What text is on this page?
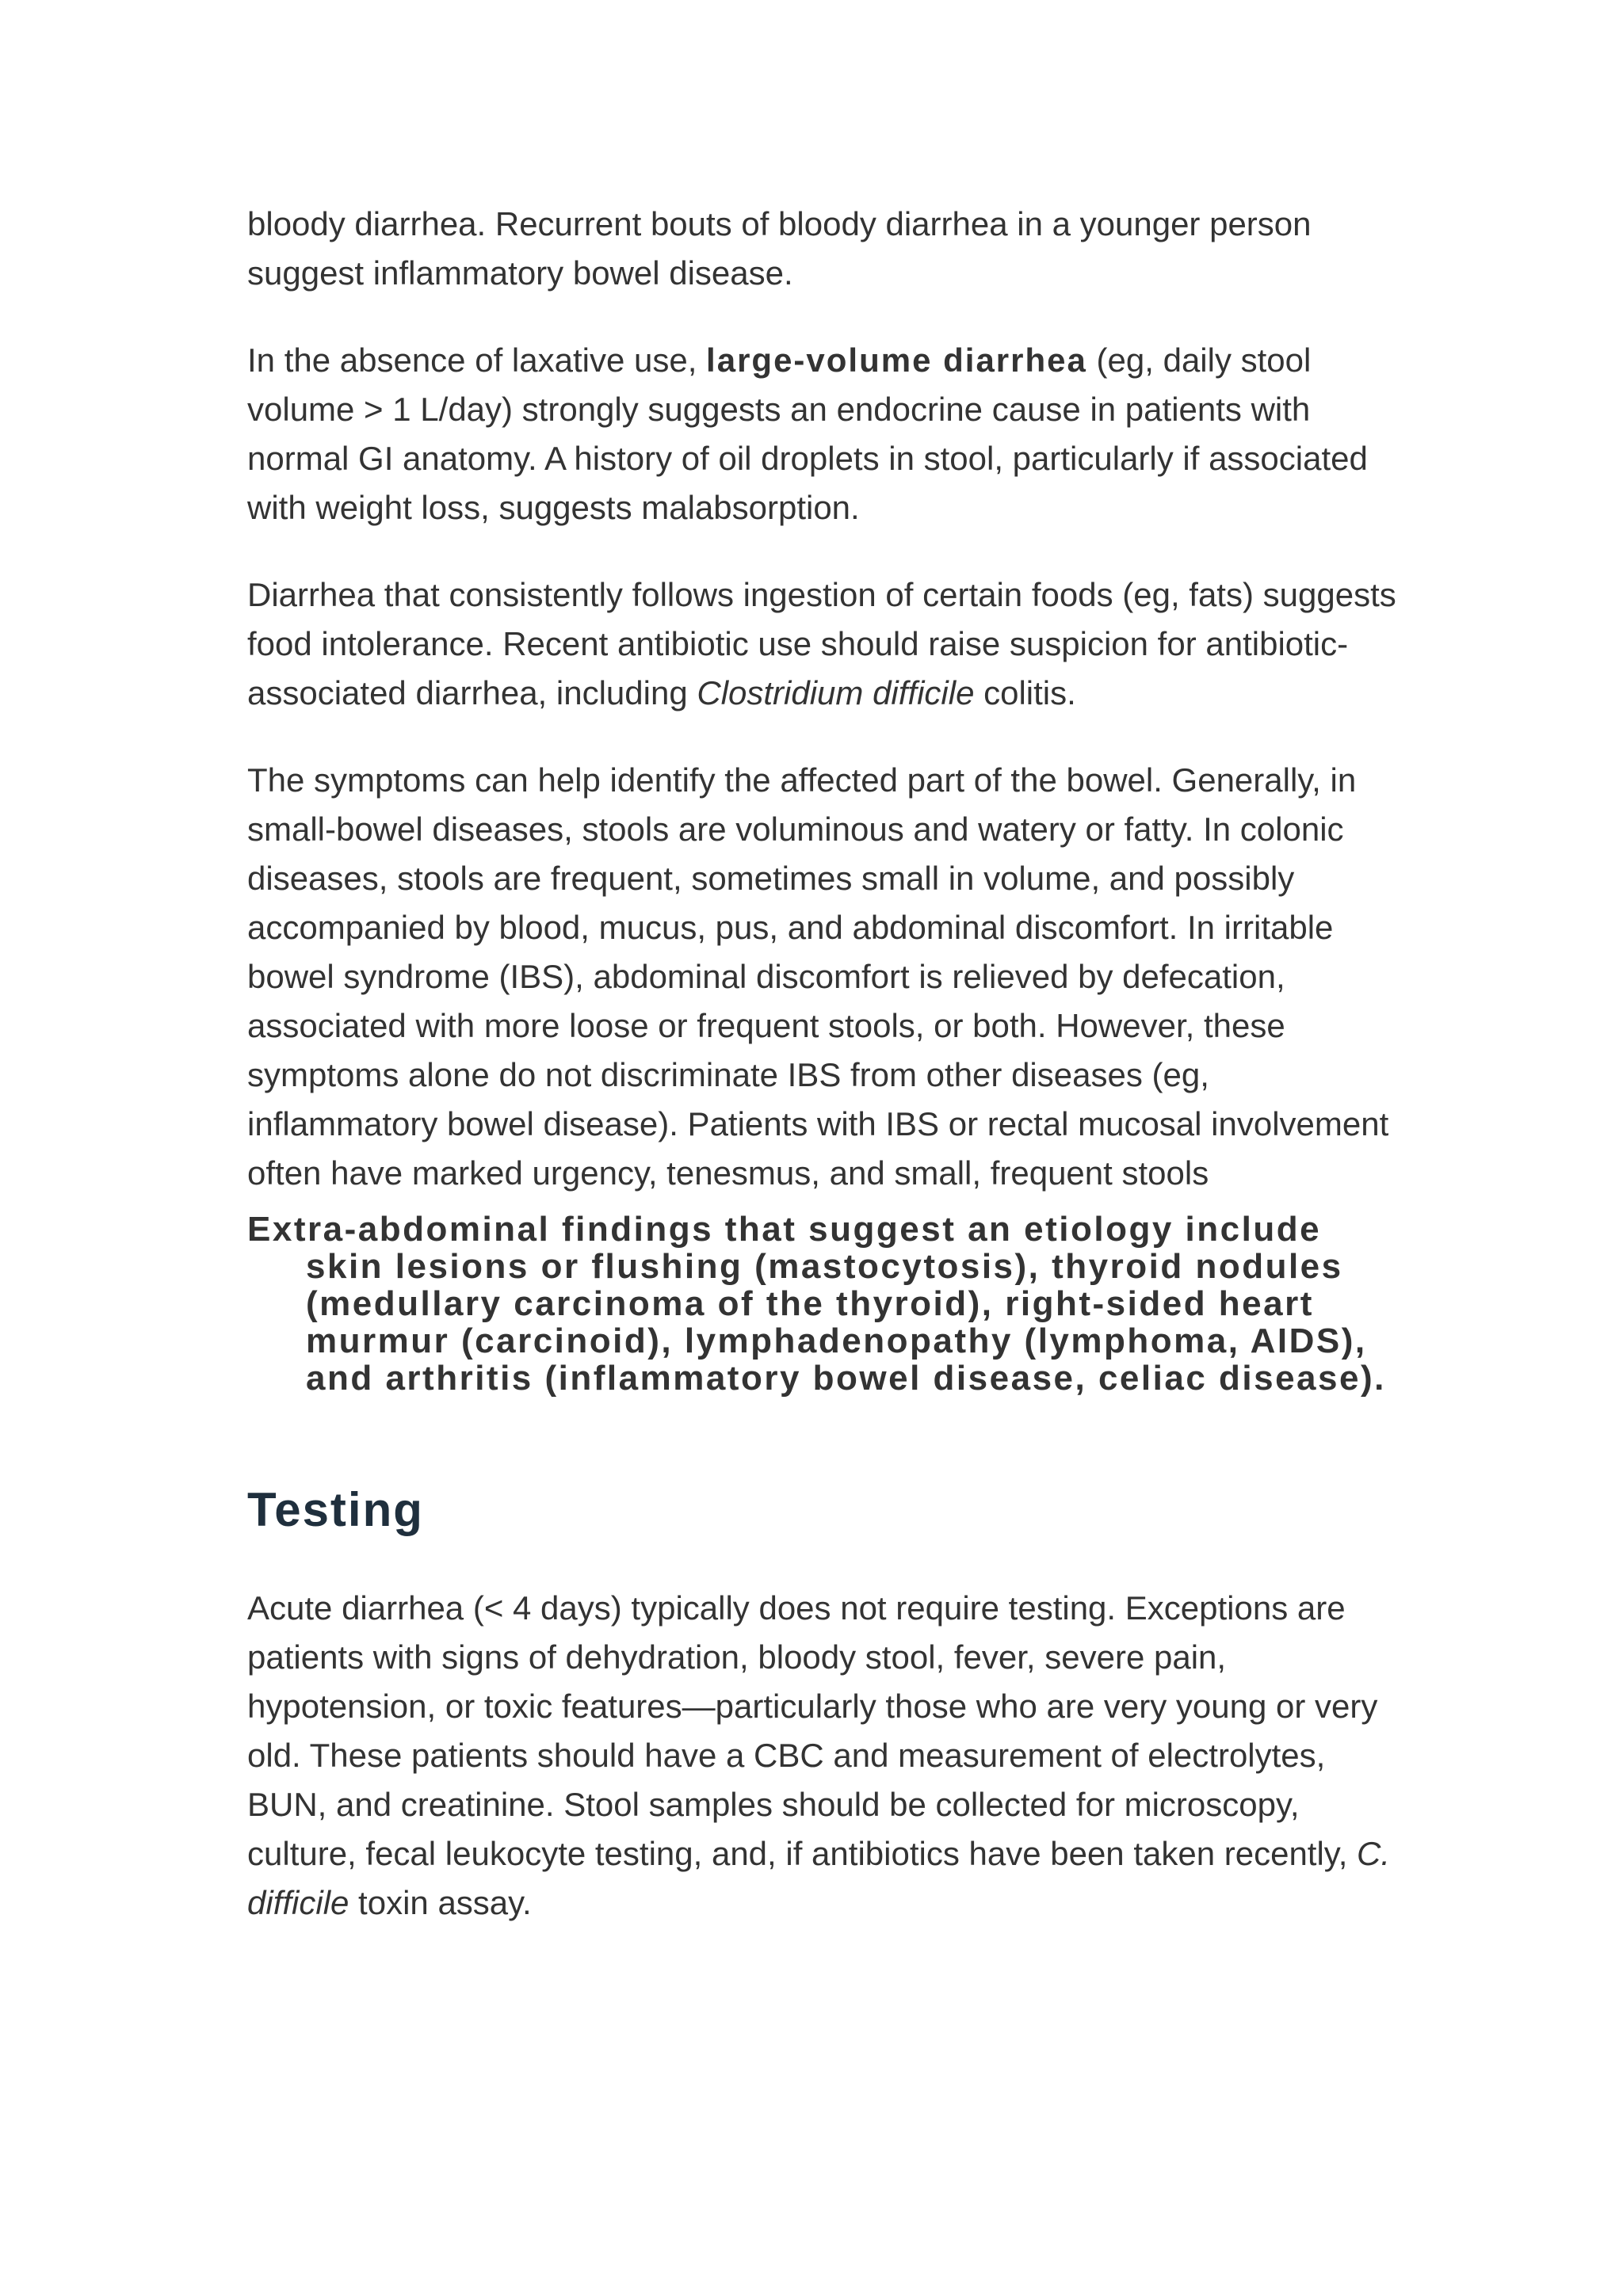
bloody diarrhea. Recurrent bouts of bloody diarrhea in a younger person suggest inflammatory bowel disease.

In the absence of laxative use, large-volume diarrhea (eg, daily stool volume > 1 L/day) strongly suggests an endocrine cause in patients with normal GI anatomy. A history of oil droplets in stool, particularly if associated with weight loss, suggests malabsorption.

Diarrhea that consistently follows ingestion of certain foods (eg, fats) suggests food intolerance. Recent antibiotic use should raise suspicion for antibiotic-associated diarrhea, including Clostridium difficile colitis.

The symptoms can help identify the affected part of the bowel. Generally, in small-bowel diseases, stools are voluminous and watery or fatty. In colonic diseases, stools are frequent, sometimes small in volume, and possibly accompanied by blood, mucus, pus, and abdominal discomfort. In irritable bowel syndrome (IBS), abdominal discomfort is relieved by defecation, associated with more loose or frequent stools, or both. However, these symptoms alone do not discriminate IBS from other diseases (eg, inflammatory bowel disease). Patients with IBS or rectal mucosal involvement often have marked urgency, tenesmus, and small, frequent stools

Extra-abdominal findings that suggest an etiology include skin lesions or flushing (mastocytosis), thyroid nodules (medullary carcinoma of the thyroid), right-sided heart murmur (carcinoid), lymphadenopathy (lymphoma, AIDS), and arthritis (inflammatory bowel disease, celiac disease).

Testing

Acute diarrhea (< 4 days) typically does not require testing. Exceptions are patients with signs of dehydration, bloody stool, fever, severe pain, hypotension, or toxic features—particularly those who are very young or very old. These patients should have a CBC and measurement of electrolytes, BUN, and creatinine. Stool samples should be collected for microscopy, culture, fecal leukocyte testing, and, if antibiotics have been taken recently, C. difficile toxin assay.
